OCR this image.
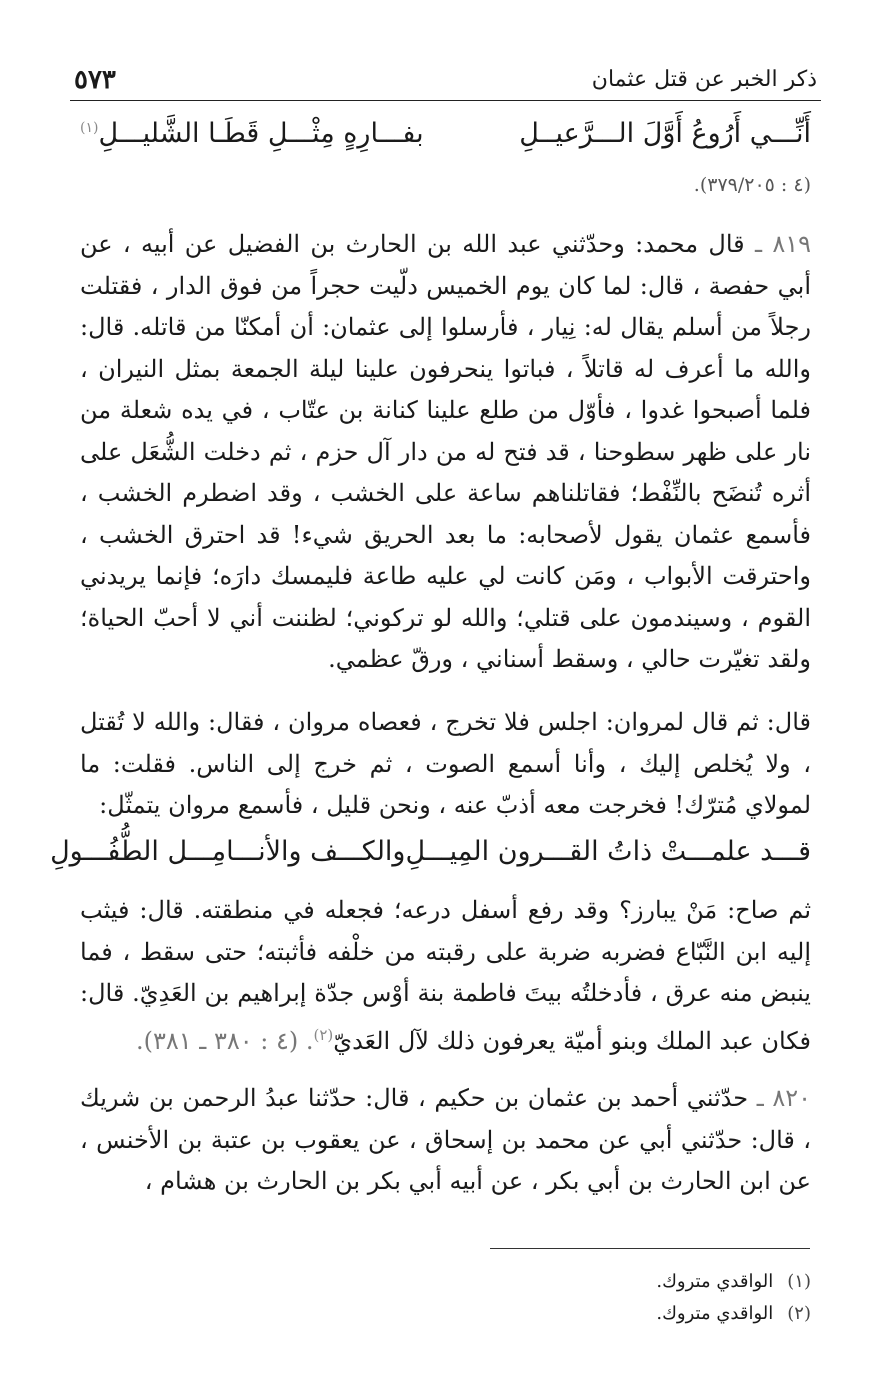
ذكر الخبر عن قتل عثمان
٥٧٣
أَنِّـــي أَرُوعُ أَوَّلَ الـــرَّعيــلِ
بفـــارِهٍ مِثْـــلِ قَطَـا الشَّليـــلِ$^{(١)}$
(٤ : ٣٧٩/٢٠٥).
٨١٩ ـ قال محمد: وحدّثني عبد الله بن الحارث بن الفضيل عن أبيه ، عن أبي حفصة ، قال: لما كان يوم الخميس دلّيت حجراً من فوق الدار ، فقتلت رجلاً من أسلم يقال له: نِيار ، فأرسلوا إلى عثمان: أن أمكنّا من قاتله. قال: والله ما أعرف له قاتلاً ، فباتوا ينحرفون علينا ليلة الجمعة بمثل النيران ، فلما أصبحوا غدوا ، فأوّل من طلع علينا كنانة بن عتّاب ، في يده شعلة من نار على ظهر سطوحنا ، قد فتح له من دار آل حزم ، ثم دخلت الشُّعَل على أثره تُنضَح بالنِّفْط؛ فقاتلناهم ساعة على الخشب ، وقد اضطرم الخشب ، فأسمع عثمان يقول لأصحابه: ما بعد الحريق شيء! قد احترق الخشب ، واحترقت الأبواب ، ومَن كانت لي عليه طاعة فليمسك دارَه؛ فإنما يريدني القوم ، وسيندمون على قتلي؛ والله لو تركوني؛ لظننت أني لا أحبّ الحياة؛ ولقد تغيّرت حالي ، وسقط أسناني ، ورقّ عظمي.
قال: ثم قال لمروان: اجلس فلا تخرج ، فعصاه مروان ، فقال: والله لا تُقتل ، ولا يُخلص إليك ، وأنا أسمع الصوت ، ثم خرج إلى الناس. فقلت: ما لمولاي مُترّك! فخرجت معه أذبّ عنه ، ونحن قليل ، فأسمع مروان يتمثّل:
قـــد علمـــتْ ذاتُ القـــرون المِيـــلِ
والكـــف والأنـــامِـــل الطُّفُـــولِ
ثم صاح: مَنْ يبارز؟ وقد رفع أسفل درعه؛ فجعله في منطقته. قال: فيثب إليه ابن النَّبّاع فضربه ضربة على رقبته من خلْفه فأثبته؛ حتى سقط ، فما ينبض منه عرق ، فأدخلتُه بيتَ فاطمة بنة أوْس جدّة إبراهيم بن العَدِيّ. قال: فكان عبد الملك وبنو أميّة يعرفون ذلك لآل العَديّ$^{(٢)}$. (٤ : ٣٨٠ ـ ٣٨١).
٨٢٠ ـ حدّثني أحمد بن عثمان بن حكيم ، قال: حدّثنا عبدُ الرحمن بن شريك ، قال: حدّثني أبي عن محمد بن إسحاق ، عن يعقوب بن عتبة بن الأخنس ، عن ابن الحارث بن أبي بكر ، عن أبيه أبي بكر بن الحارث بن هشام ،
(١)الواقدي متروك.
(٢)الواقدي متروك.
